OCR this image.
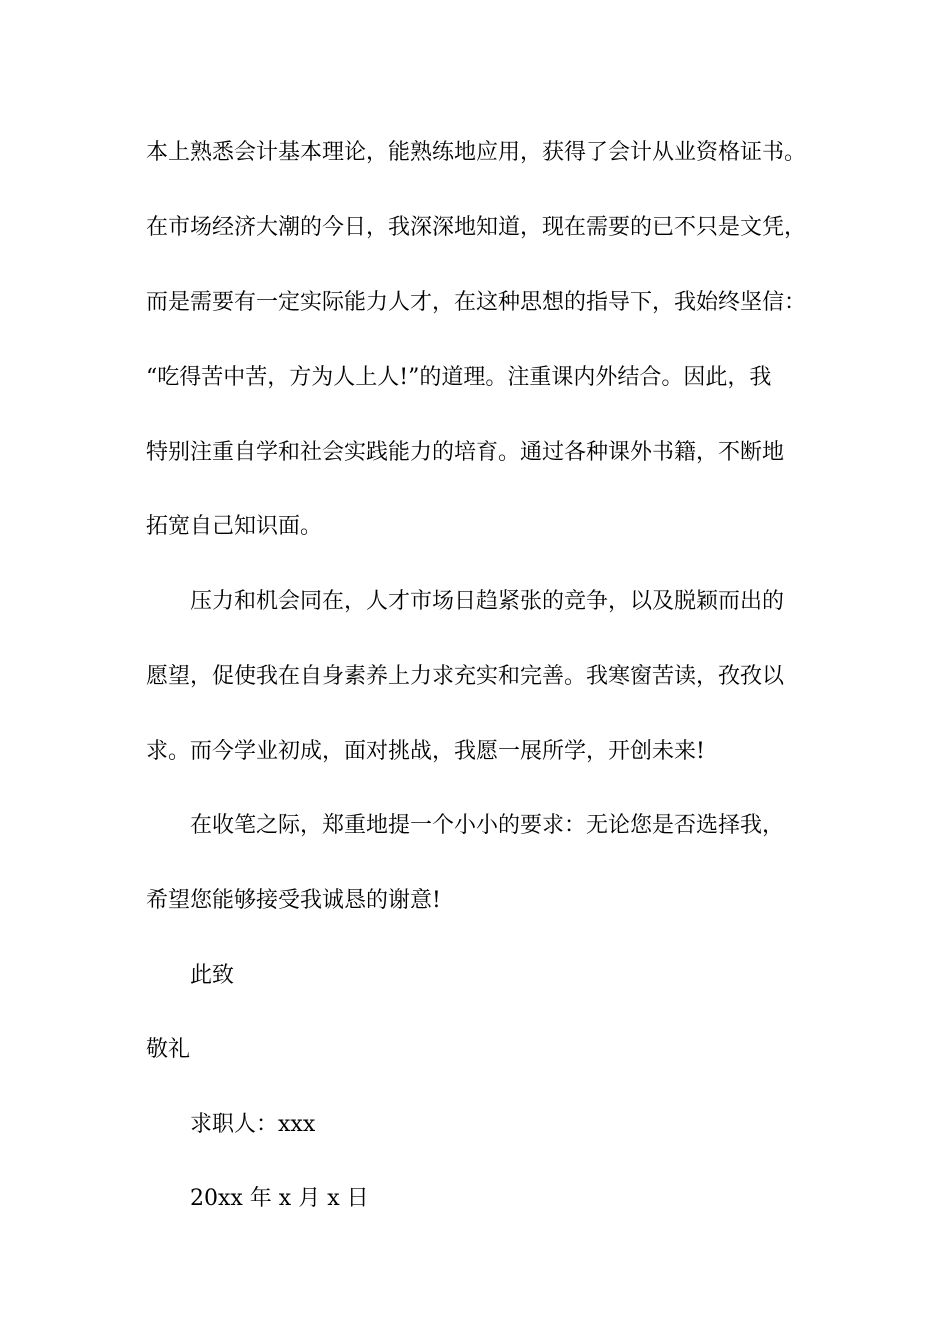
本上熟悉会计基本理论，能熟练地应用，获得了会计从业资格证书。
在市场经济大潮的今日，我深深地知道，现在需要的已不只是文凭，
而是需要有一定实际能力人才，在这种思想的指导下，我始终坚信：
“吃得苦中苦，方为人上人!”的道理。注重课内外结合。因此，我
特别注重自学和社会实践能力的培育。通过各种课外书籍，不断地
拓宽自己知识面。
压力和机会同在，人才市场日趋紧张的竞争，以及脱颖而出的
愿望，促使我在自身素养上力求充实和完善。我寒窗苦读，孜孜以
求。而今学业初成，面对挑战，我愿一展所学，开创未来!
在收笔之际，郑重地提一个小小的要求：无论您是否选择我，
希望您能够接受我诚恳的谢意!
此致
敬礼
求职人：xxx
20xx 年 x 月 x 日
